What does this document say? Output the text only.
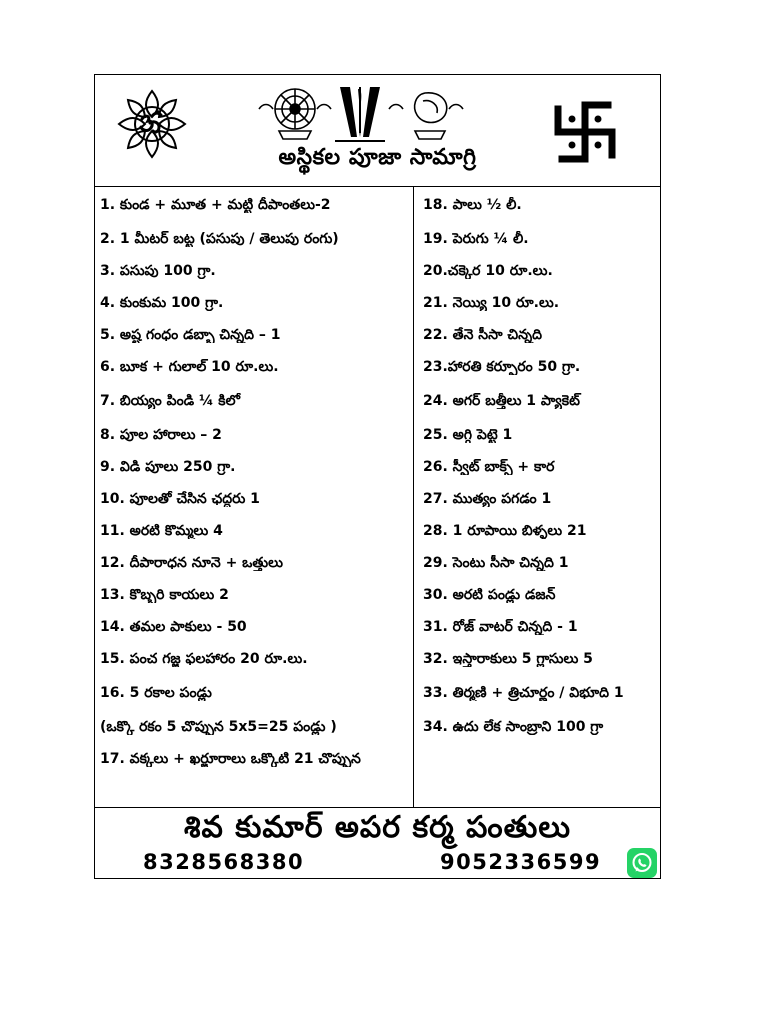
అస్థికల పూజా సామాగ్రి
1. కుండ + మూత + మట్టి దీపాంతలు-2
2. 1 మీటర్ బట్ట (పసుపు / తెలుపు రంగు)
3. పసుపు 100 గ్రా.
4. కుంకుమ 100 గ్రా.
5. అష్ట గంధం డబ్బా చిన్నది – 1
6. బూక + గులాల్ 10 రూ.లు.
7. బియ్యం పిండి ¼ కిలో
8. పూల హారాలు – 2
9. విడి పూలు 250 గ్రా.
10. పూలతో చేసిన ఛద్దరు 1
11. అరటి కొమ్మలు 4
12. దీపారాధన నూనె + ఒత్తులు
13. కొబ్బరి కాయలు 2
14. తమల పాకులు - 50
15. పంచ గజ్జ ఫలహారం 20 రూ.లు.
16. 5 రకాల పండ్లు
(ఒక్కొ రకం 5 చొప్పున 5x5=25 పండ్లు )
17. వక్కలు + ఖర్జూరాలు ఒక్కొటి 21 చొప్పున
18. పాలు ½ లీ.
19. పెరుగు ¼ లీ.
20.చక్కెర 10 రూ.లు.
21. నెయ్యి 10 రూ.లు.
22. తేనె సీసా చిన్నది
23.హారతి కర్పూరం 50 గ్రా.
24. అగర్ బత్తీలు 1 ప్యాకెట్
25. అగ్గి పెట్టె 1
26. స్వీట్ బాక్స్ + కార
27. ముత్యం పగడం 1
28. 1 రూపాయి బిళ్ళలు 21
29. సెంటు సీసా చిన్నది 1
30. అరటి పండ్లు డజన్
31. రోజ్ వాటర్ చిన్నది - 1
32. ఇస్తారాకులు 5 గ్లాసులు 5
33. తిర్మణి + త్రిచూర్ణం / విభూది 1
34. ఉదు లేక సాంబ్రాని 100 గ్రా
శివ కుమార్ అపర కర్మ పంతులు
8328568380	9052336599
